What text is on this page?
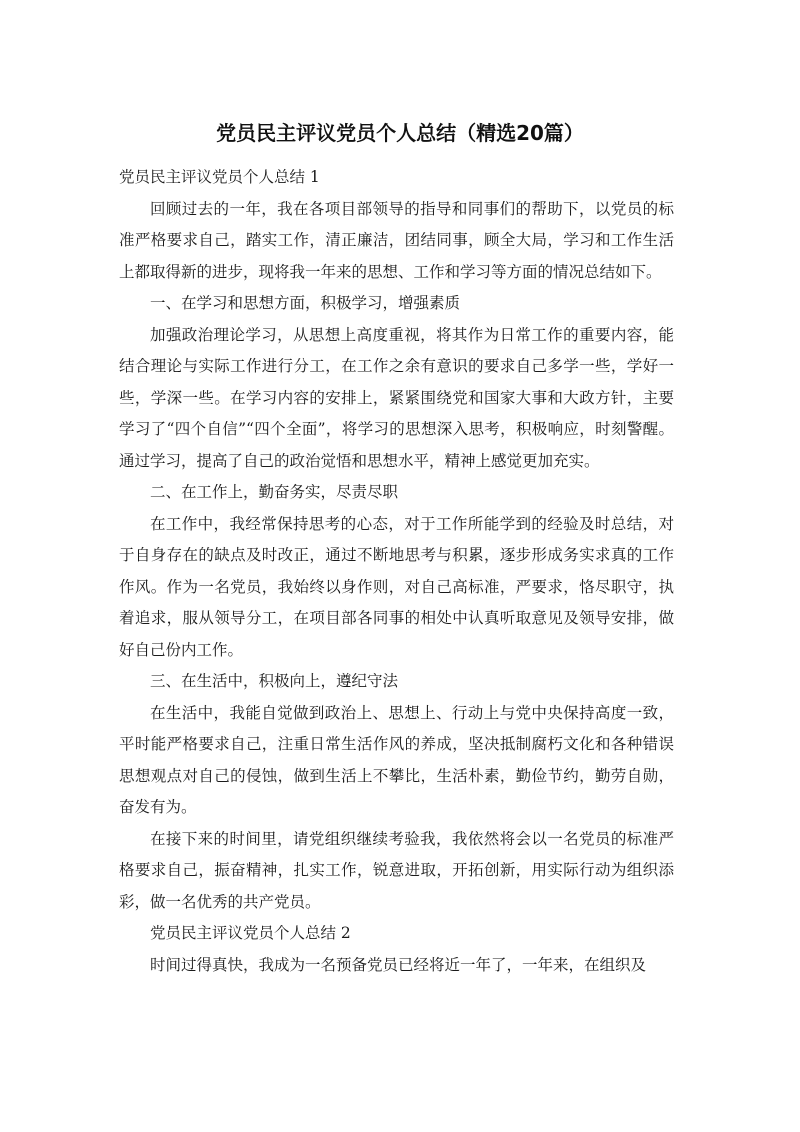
党员民主评议党员个人总结（精选20篇）

党员民主评议党员个人总结 1

回顾过去的一年，我在各项目部领导的指导和同事们的帮助下，以党员的标准严格要求自己，踏实工作，清正廉洁，团结同事，顾全大局，学习和工作生活上都取得新的进步，现将我一年来的思想、工作和学习等方面的情况总结如下。

一、在学习和思想方面，积极学习，增强素质

加强政治理论学习，从思想上高度重视，将其作为日常工作的重要内容，能结合理论与实际工作进行分工，在工作之余有意识的要求自己多学一些，学好一些，学深一些。在学习内容的安排上，紧紧围绕党和国家大事和大政方针，主要学习了“四个自信”“四个全面”，将学习的思想深入思考，积极响应，时刻警醒。通过学习，提高了自己的政治觉悟和思想水平，精神上感觉更加充实。

二、在工作上，勤奋务实，尽责尽职

在工作中，我经常保持思考的心态，对于工作所能学到的经验及时总结，对于自身存在的缺点及时改正，通过不断地思考与积累，逐步形成务实求真的工作作风。作为一名党员，我始终以身作则，对自己高标准，严要求，恪尽职守，执着追求，服从领导分工，在项目部各同事的相处中认真听取意见及领导安排，做好自己份内工作。

三、在生活中，积极向上，遵纪守法

在生活中，我能自觉做到政治上、思想上、行动上与党中央保持高度一致，平时能严格要求自己，注重日常生活作风的养成，坚决抵制腐朽文化和各种错误思想观点对自己的侵蚀，做到生活上不攀比，生活朴素，勤俭节约，勤劳自勋，奋发有为。

在接下来的时间里，请党组织继续考验我，我依然将会以一名党员的标准严格要求自己，振奋精神，扎实工作，锐意进取，开拓创新，用实际行动为组织添彩，做一名优秀的共产党员。

党员民主评议党员个人总结 2

时间过得真快，我成为一名预备党员已经将近一年了，一年来，在组织及
